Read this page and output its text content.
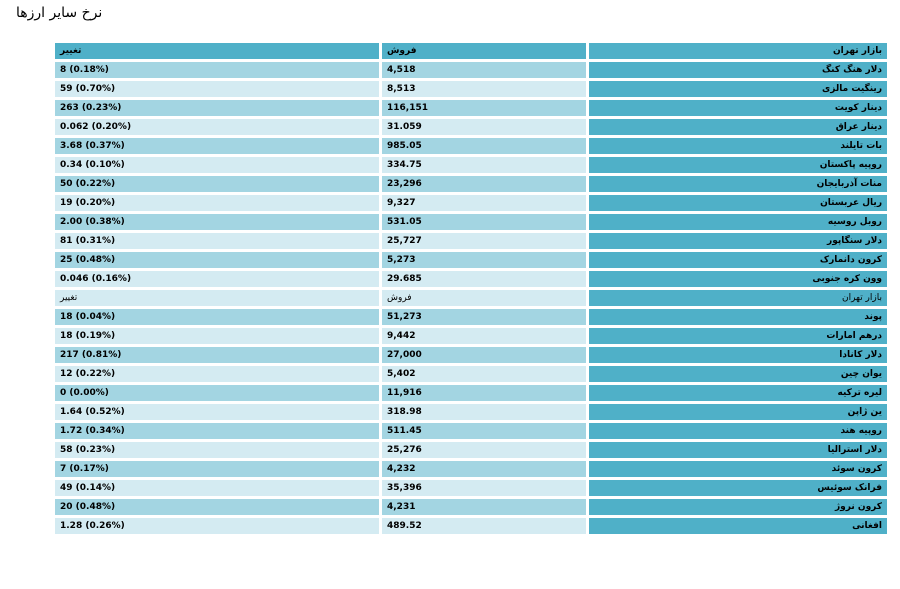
نرخ سایر ارزها
بازار تهران	فروش	تغییر
دلار هنگ کنگ	4,518	8 (0.18%)
رینگیت مالزی	8,513	59 (0.70%)
دینار کویت	116,151	263 (0.23%)
دینار عراق	31.059	0.062 (0.20%)
بات تایلند	985.05	3.68 (0.37%)
روپیه پاکستان	334.75	0.34 (0.10%)
منات آذربایجان	23,296	50 (0.22%)
ریال عربستان	9,327	19 (0.20%)
روبل روسیه	531.05	2.00 (0.38%)
دلار سنگاپور	25,727	81 (0.31%)
کرون دانمارک	5,273	25 (0.48%)
وون کره جنوبی	29.685	0.046 (0.16%)
بازار تهران	فروش	تغییر
پوند	51,273	18 (0.04%)
درهم امارات	9,442	18 (0.19%)
دلار کانادا	27,000	217 (0.81%)
یوان چین	5,402	12 (0.22%)
لیره ترکیه	11,916	0 (0.00%)
ین ژاپن	318.98	1.64 (0.52%)
روپیه هند	511.45	1.72 (0.34%)
دلار استرالیا	25,276	58 (0.23%)
کرون سوئد	4,232	7 (0.17%)
فرانک سوئیس	35,396	49 (0.14%)
کرون نروژ	4,231	20 (0.48%)
افغانی	489.52	1.28 (0.26%)
